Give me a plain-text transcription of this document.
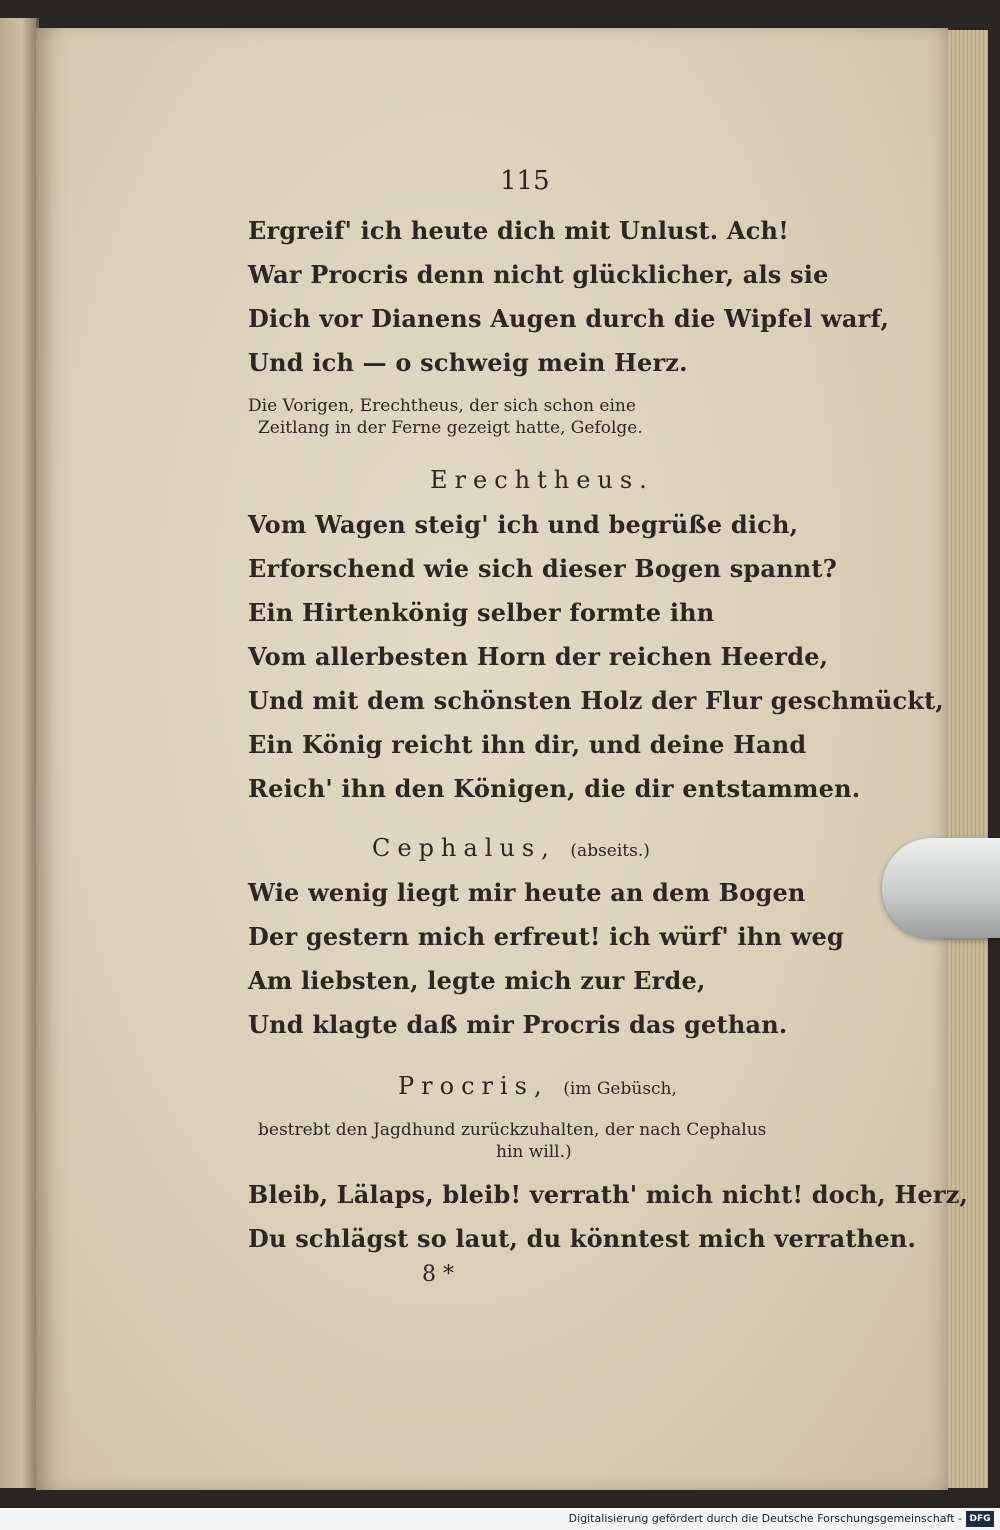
115
Ergreif' ich heute dich mit Unlust. Ach!
War Procris denn nicht glücklicher, als sie
Dich vor Dianens Augen durch die Wipfel warf,
Und ich — o schweig mein Herz.
Die Vorigen, Erechtheus, der sich schon eine
Zeitlang in der Ferne gezeigt hatte, Gefolge.
Erechtheus.
Vom Wagen steig' ich und begrüße dich,
Erforschend wie sich dieser Bogen spannt?
Ein Hirtenkönig selber formte ihn
Vom allerbesten Horn der reichen Heerde,
Und mit dem schönsten Holz der Flur geschmückt,
Ein König reicht ihn dir, und deine Hand
Reich' ihn den Königen, die dir entstammen.
Cephalus, (abseits.)
Wie wenig liegt mir heute an dem Bogen
Der gestern mich erfreut! ich würf' ihn weg
Am liebsten, legte mich zur Erde,
Und klagte daß mir Procris das gethan.
Procris, (im Gebüsch,
bestrebt den Jagdhund zurückzuhalten, der nach Cephalus
hin will.)
Bleib, Lälaps, bleib! verrath' mich nicht! doch, Herz,
Du schlägst so laut, du könntest mich verrathen.
8 *
Digitalisierung gefördert durch die Deutsche Forschungsgemeinschaft - DFG
